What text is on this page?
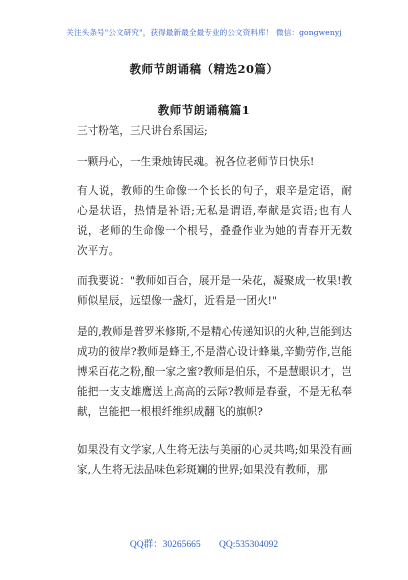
关注头条号"公文研究"，获得最新最全最专业的公文资料库！ 微信：gongwenyj
教师节朗诵稿（精选20篇）
教师节朗诵稿篇1
三寸粉笔，三尺讲台系国运;
一颗丹心，一生秉烛铸民魂。祝各位老师节日快乐!
有人说，教师的生命像一个长长的句子，艰辛是定语，耐心是状语，热情是补语;无私是谓语,奉献是宾语;也有人说，老师的生命像一个根号，叠叠作业为她的青春开无数次平方。
而我要说："教师如百合，展开是一朵花，凝聚成一枚果!教师似星辰，远望像一盏灯，近看是一团火!"
是的,教师是普罗米修斯,不是精心传递知识的火种,岂能到达成功的彼岸?教师是蜂王,不是潜心设计蜂巢,辛勤劳作,岂能博采百花之粉,酿一家之蜜?教师是伯乐，不是慧眼识才，岂能把一支支雄鹰送上高高的云际?教师是春蚕，不是无私奉献，岂能把一根根纤维织成翻飞的旗帜?
如果没有文学家,人生将无法与美丽的心灵共鸣;如果没有画家,人生将无法品味色彩斑斓的世界;如果没有教师，那
QQ群：30265665 QQ:535304092
